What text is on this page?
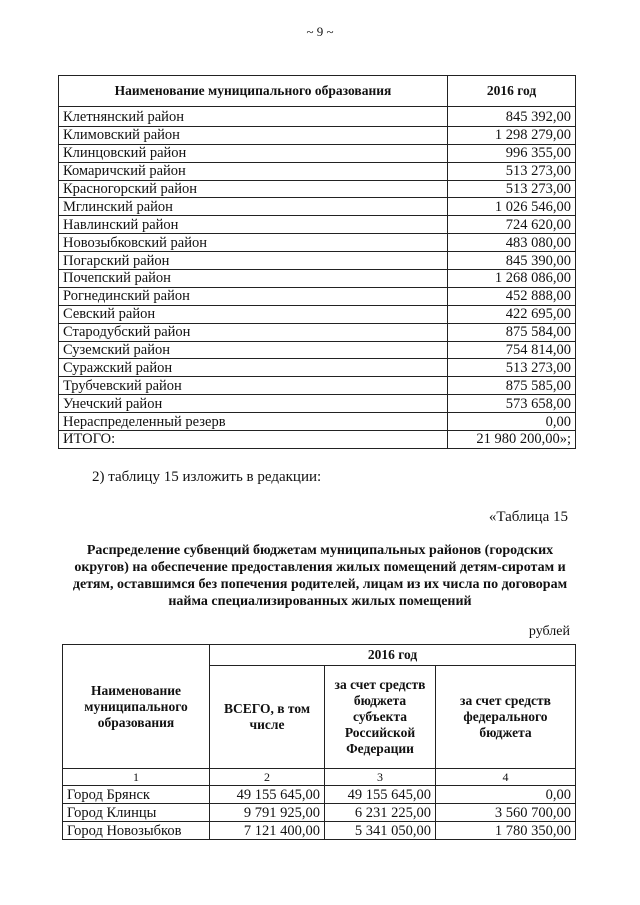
~ 9 ~
Наименование муниципального образования	2016 год
Клетнянский район	845 392,00
Климовский район	1 298 279,00
Клинцовский район	996 355,00
Комаричский район	513 273,00
Красногорский район	513 273,00
Мглинский район	1 026 546,00
Навлинский район	724 620,00
Новозыбковский район	483 080,00
Погарский район	845 390,00
Почепский район	1 268 086,00
Рогнединский район	452 888,00
Севский район	422 695,00
Стародубский район	875 584,00
Суземский район	754 814,00
Суражский район	513 273,00
Трубчевский район	875 585,00
Унечский район	573 658,00
Нераспределенный резерв	0,00
ИТОГО:	21 980 200,00»;
2) таблицу 15 изложить в редакции:
«Таблица 15
Распределение субвенций бюджетам муниципальных районов (городских округов) на обеспечение предоставления жилых помещений детям-сиротам и детям, оставшимся без попечения родителей, лицам из их числа по договорам найма специализированных жилых помещений
рублей
Наименование муниципального образования	2016 год		
	ВСЕГО, в том числе	за счет средств бюджета субъекта Российской Федерации	за счет средств федерального бюджета
1	2	3	4
Город Брянск	49 155 645,00	49 155 645,00	0,00
Город Клинцы	9 791 925,00	6 231 225,00	3 560 700,00
Город Новозыбков	7 121 400,00	5 341 050,00	1 780 350,00
